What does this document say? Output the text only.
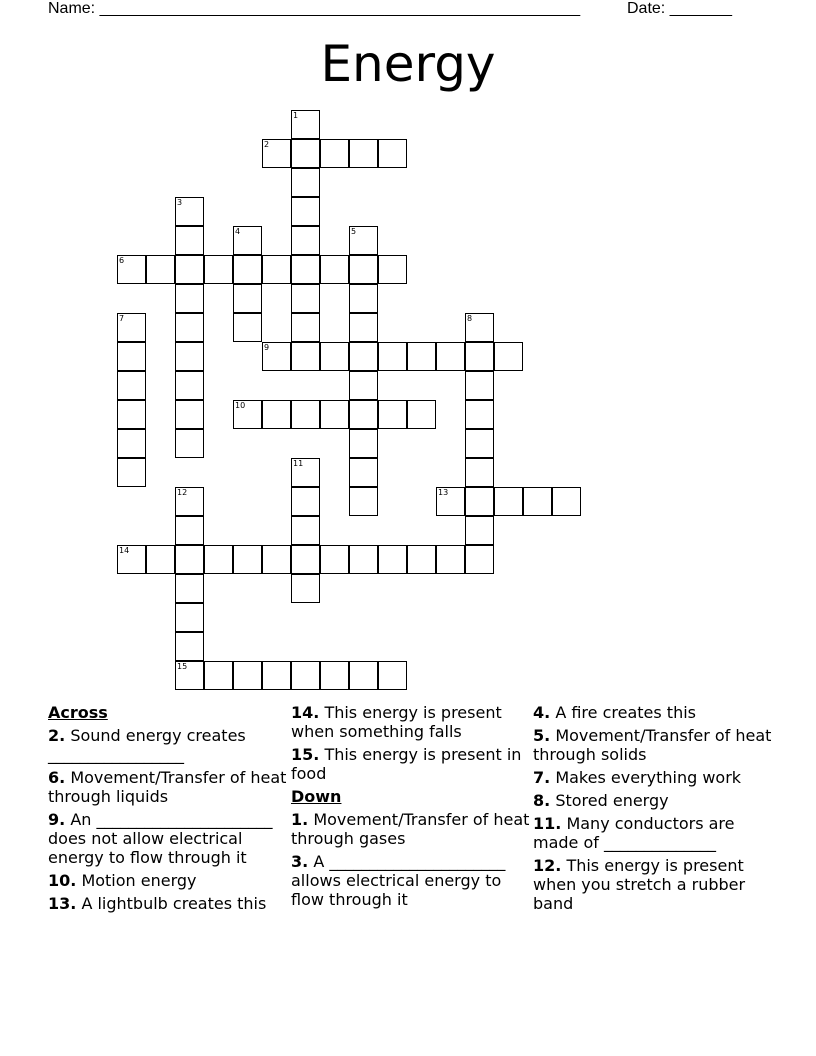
Name: ______________________________________________________	Date: _______
Energy
1
2
3
4	5
6
7	8
9
10
11
12
15
13
14
Across
2. Sound energy creates _________________
6. Movement/Transfer of heat through liquids
9. An ______________________ does not allow electrical energy to flow through it
10. Motion energy
13. A lightbulb creates this
14. This energy is present when something falls
15. This energy is present in food
Down
1. Movement/Transfer of heat through gases
3. A ______________________ allows electrical energy to flow through it
4. A fire creates this
5. Movement/Transfer of heat through solids
7. Makes everything work
8. Stored energy
11. Many conductors are made of ______________
12. This energy is present when you stretch a rubber band
